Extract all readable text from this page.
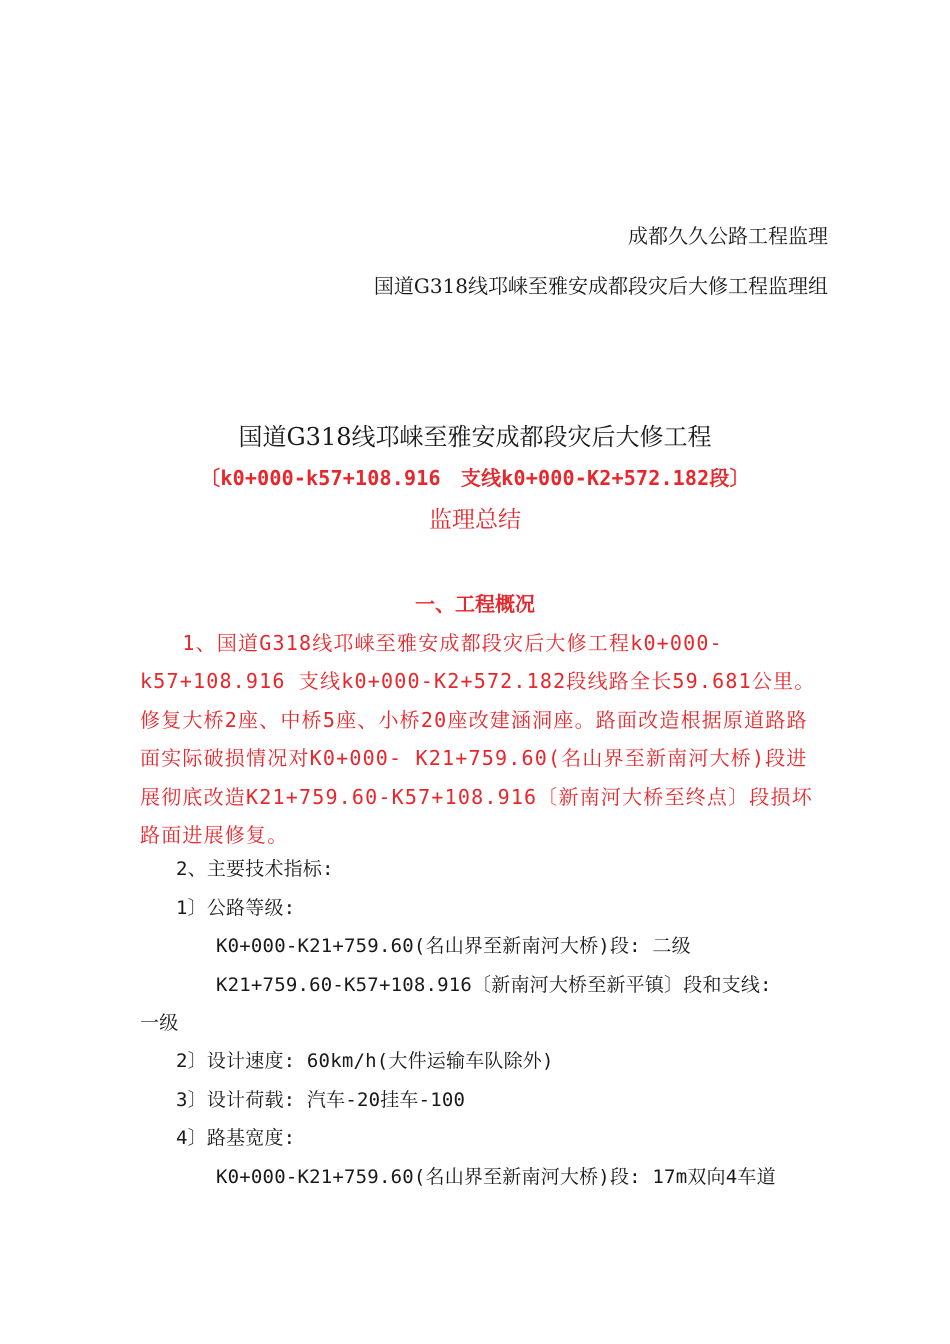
成都久久公路工程监理
国道G318线邛崃至雅安成都段灾后大修工程监理组
国道G318线邛崃至雅安成都段灾后大修工程
〔k0+000-k57+108.916　支线k0+000-K2+572.182段〕
监理总结
一、工程概况
　　1、国道G318线邛崃至雅安成都段灾后大修工程k0+000-k57+108.916 支线k0+000-K2+572.182段线路全长59.681公里。修复大桥2座、中桥5座、小桥20座改建涵洞座。路面改造根据原道路路面实际破损情况对K0+000- K21+759.60(名山界至新南河大桥)段进展彻底改造K21+759.60-K57+108.916〔新南河大桥至终点〕段损坏路面进展修复。
2、主要技术指标:
1〕公路等级:
K0+000-K21+759.60(名山界至新南河大桥)段: 二级
K21+759.60-K57+108.916〔新南河大桥至新平镇〕段和支线:
一级
2〕设计速度: 60km/h(大件运输车队除外)
3〕设计荷载: 汽车-20挂车-100
4〕路基宽度:
K0+000-K21+759.60(名山界至新南河大桥)段: 17m双向4车道
